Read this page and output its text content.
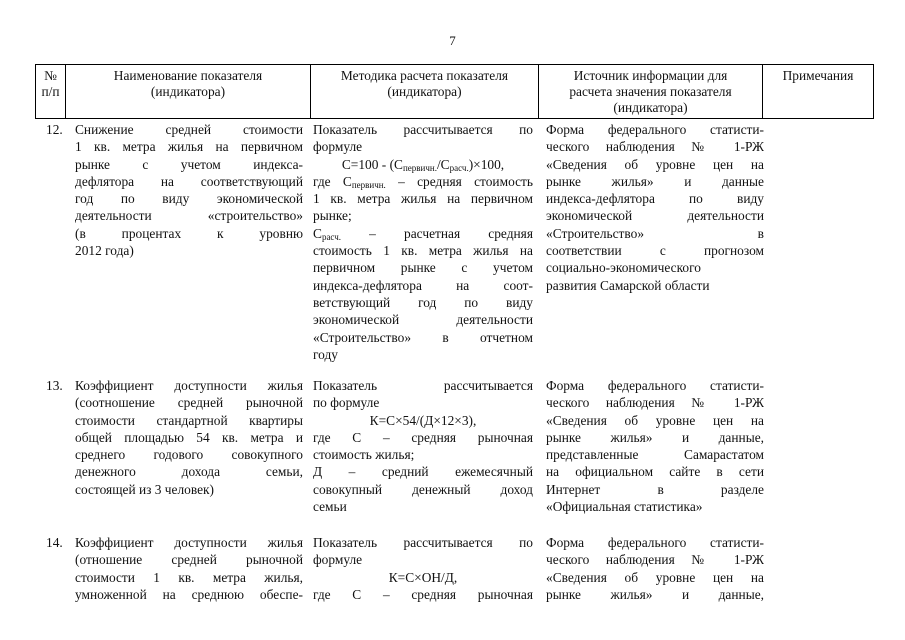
7
№
п/п
Наименование показателя
(индикатора)
Методика расчета показателя
(индикатора)
Источник информации для
расчета значения показателя
(индикатора)
Примечания
12. Снижение средней стоимости
1 кв. метра жилья на первичном
рынке с учетом индекса-
дефлятора на соответствующий
год по виду экономической
деятельности «строительство»
(в процентах к уровню
2012 года)
Показатель рассчитывается по
формуле
$С=100 - (С_{первичн.}/С_{расч.})\times 100$,
где $С_{первичн.}$ – средняя стоимость
1 кв. метра жилья на первичном
рынке;
$С_{расч.}$ – расчетная средняя
стоимость 1 кв. метра жилья на
первичном рынке с учетом
индекса-дефлятора на соот-
ветствующий год по виду
экономической деятельности
«Строительство» в отчетном
году
Форма федерального статисти-
ческого наблюдения № 1-РЖ
«Сведения об уровне цен на
рынке жилья» и данные
индекса-дефлятора по виду
экономической деятельности
«Строительство» в
соответствии с прогнозом
социально-экономического
развития Самарской области
13. Коэффициент доступности жилья
(соотношение средней рыночной
стоимости стандартной квартиры
общей площадью 54 кв. метра и
среднего годового совокупного
денежного дохода семьи,
состоящей из 3 человек)
Показатель рассчитывается
по формуле
К=С×54/(Д×12×3),
где С – средняя рыночная
стоимость жилья;
Д – средний ежемесячный
совокупный денежный доход
семьи
Форма федерального статисти-
ческого наблюдения № 1-РЖ
«Сведения об уровне цен на
рынке жилья» и данные,
представленные Самарастатом
на официальном сайте в сети
Интернет в разделе
«Официальная статистика»
14. Коэффициент доступности жилья
(отношение средней рыночной
стоимости 1 кв. метра жилья,
умноженной на среднюю обеспе-
Показатель рассчитывается по
формуле
К=С×ОН/Д,
где С – средняя рыночная
Форма федерального статисти-
ческого наблюдения № 1-РЖ
«Сведения об уровне цен на
рынке жилья» и данные,
